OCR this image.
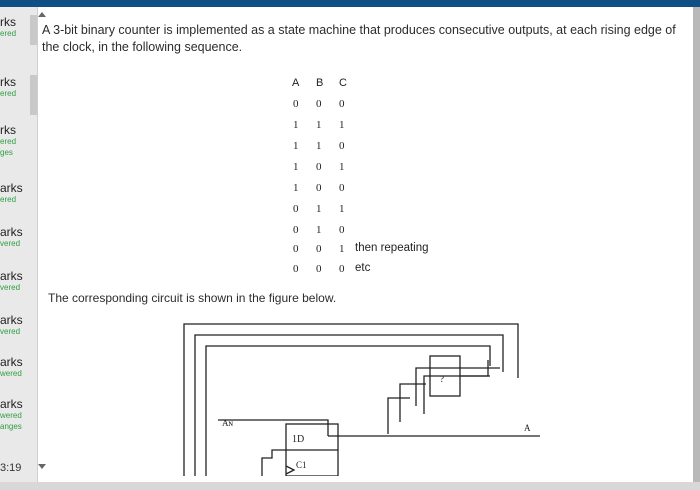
rks
ered
rks
ered
rks
ered ges
arks
ered
arks
vered
arks
vered
arks
vered
arks
wered
arks
wered anges
3:19
A 3-bit binary counter is implemented as a state machine that produces consecutive outputs, at each rising edge of the clock, in the following sequence.
A B C
0 0 0
1 1 1
1 1 0
1 0 1
1 0 0
0 1 1
0 1 0
0 0 1 then repeating
0 0 0 etc
The corresponding circuit is shown in the figure below.
Aɴ
1D
C1
?
A
